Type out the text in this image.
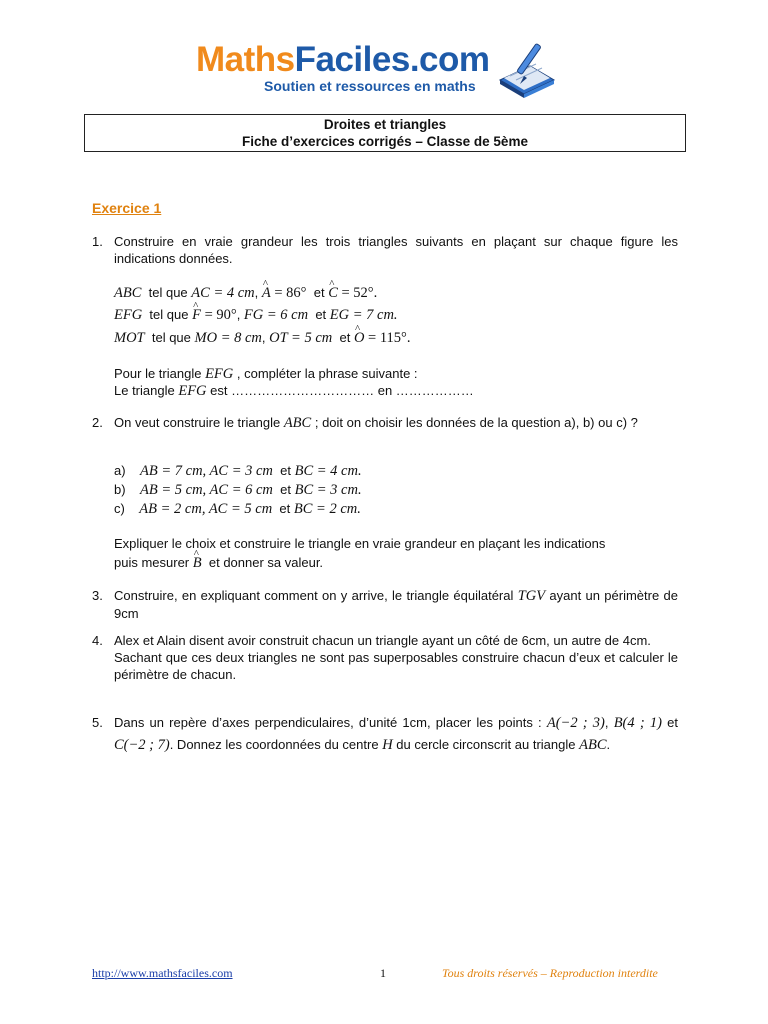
MathsFaciles.com
Soutien et ressources en maths
Droites et triangles
Fiche d’exercices corrigés – Classe de 5ème
Exercice 1
1. Construire en vraie grandeur les trois triangles suivants en plaçant sur chaque figure les indications données.
ABC tel que AC = 4 cm, ^ A = 86° et ^ C = 52°.
EFG tel que ^ F = 90°, FG = 6 cm et EG = 7 cm.
MOT tel que MO = 8 cm, OT = 5 cm et ^ O = 115°.
Pour le triangle EFG , compléter la phrase suivante :
Le triangle EFG est …………………………… en ………………
2. On veut construire le triangle ABC ; doit on choisir les données de la question a), b) ou c) ?
a) AB = 7 cm, AC = 3 cm et BC = 4 cm.
b) AB = 5 cm, AC = 6 cm et BC = 3 cm.
c) AB = 2 cm, AC = 5 cm et BC = 2 cm.
Expliquer le choix et construire le triangle en vraie grandeur en plaçant les indications
puis mesurer ^ B et donner sa valeur.
3. Construire, en expliquant comment on y arrive, le triangle équilatéral TGV ayant un périmètre de 9cm
4. Alex et Alain disent avoir construit chacun un triangle ayant un côté de 6cm, un autre de 4cm.
Sachant que ces deux triangles ne sont pas superposables construire chacun d’eux et calculer le périmètre de chacun.
5. Dans un repère d’axes perpendiculaires, d’unité 1cm, placer les points : A(−2 ; 3), B(4 ; 1) et C(−2 ; 7). Donnez les coordonnées du centre H du cercle circonscrit au triangle ABC.
http://www.mathsfaciles.com	1	Tous droits réservés – Reproduction interdite
